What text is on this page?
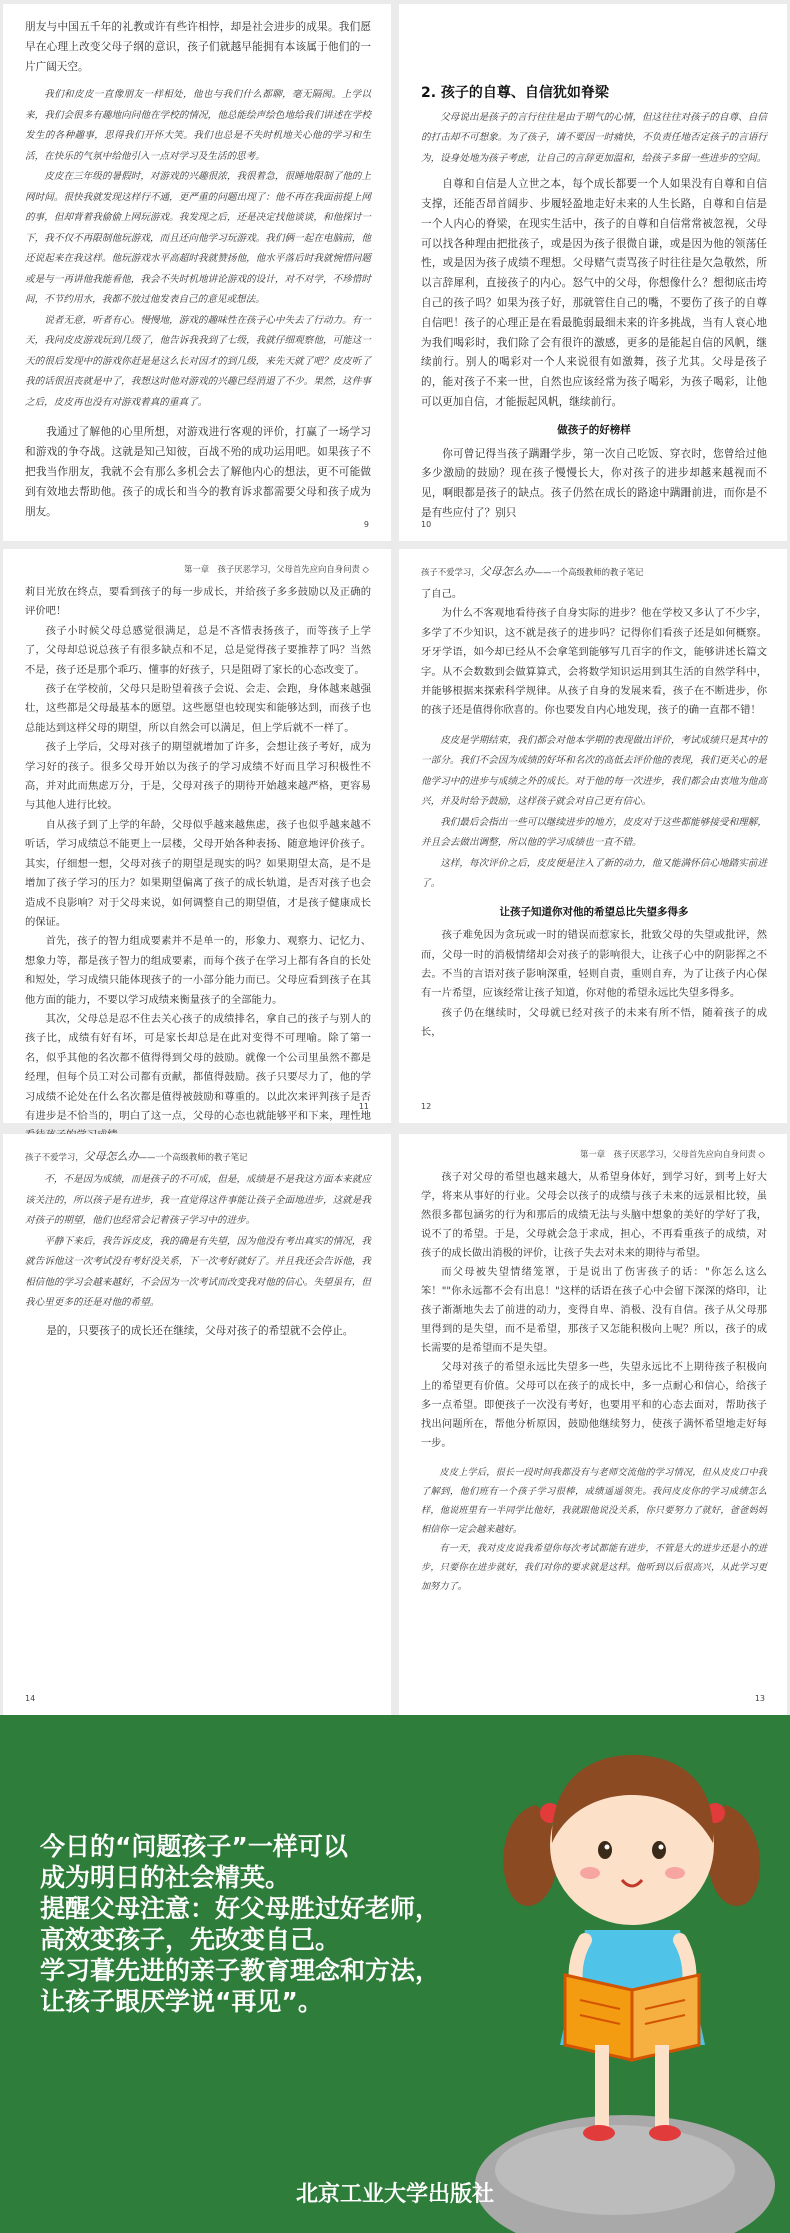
朋友与中国五千年的礼教或许有些许相悖，却是社会进步的成果。我们愿早在心理上改变父母子纲的意识，孩子们就越早能拥有本该属于他们的一片广阔天空。

我们和皮皮一直像朋友一样相处，他也与我们什么都聊，毫无隔阂。上学以来，我们会很多有趣地向问他在学校的情况，他总能绘声绘色地给我们讲述在学校发生的各种趣事，思得我们开怀大笑。我们也总是不失时机地关心他的学习和生活，在快乐的气氛中给他引入一点对学习及生活的思考。

皮皮在三年级的暑假时，对游戏的兴趣很浓，我很着急，很睡地限制了他的上网时间。很快我就发现这样行不通，更严重的问题出现了：他不再在我面前提上网的事，但却背着我偷偷上网玩游戏。我发现之后，还是决定找他谈谈，和他探讨一下，我不仅不再限制他玩游戏，而且还向他学习玩游戏。我们俩一起在电脑前，他还说起来在我这样。他玩游戏水平高超时我就赞扬他，他水平落后时我就惋惜问题或是与一再讲他我能看他，我会不失时机地讲论游戏的设计，对不对学，不珍惜时间，不节约用水，我都不放过他发表自己的意见或想法。

说者无意，听者有心。慢慢地，游戏的趣味性在孩子心中失去了行动力。有一天，我问皮皮游戏玩到几级了，他告诉我我到了七级，我就仔细观察他，可能这一天的很后发现中的游戏你赶是是这么长对因才的到几级，来先天就了吧？皮皮听了我的话很沮丧就是中了，我想这时他对游戏的兴趣已经消退了不少。果然，这件事之后，皮皮再也没有对游戏着真的重真了。

我通过了解他的心里所想，对游戏进行客观的评价，打赢了一场学习和游戏的争夺战。这就是知己知彼，百战不殆的成功运用吧。如果孩子不把我当作朋友，我就不会有那么多机会去了解他内心的想法，更不可能做到有效地去帮助他。孩子的成长和当今的教育诉求都需要父母和孩子成为朋友。

9
2. 孩子的自尊、自信犹如脊梁

父母说出是孩子的言行往往是由于期气的心情，但这往往对孩子的自尊、自信的打击却不可想象。为了孩子，请不要因一时痛快，不负责任地否定孩子的言语行为，设身处地为孩子考虑，让自己的言辞更加温和，给孩子多留一些进步的空间。

自尊和自信是人立世之本，每个成长都要一个人如果没有自尊和自信支撑，还能否昂首阔步、步履轻盈地走好未来的人生长路，自尊和自信是一个人内心的脊梁，在现实生活中，孩子的自尊和自信常常被忽视，父母可以找各种理由把批孩子，或是因为孩子很微自谦，或是因为他的领荡任性，或是因为孩子成绩不理想。父母赌气责骂孩子时往往是欠急敬然，所以言辞犀利，直接孩子的内心。怒气中的父母，你想像什么？想彻底击垮自己的孩子吗？如果为孩子好，那就管住自己的嘴，不要伤了孩子的自尊自信吧！孩子的心理正是在看最脆弱最细未来的许多挑战，当有人衰心地为我们喝彩时，我们除了会有很许的激感，更多的是能起自信的风帆，继续前行。别人的喝彩对一个人来说很有如激舞，孩子尤其。父母是孩子的，能对孩子不来一世，自然也应该经常为孩子喝彩，为孩子喝彩，让他可以更加自信，才能振起风帆，继续前行。

做孩子的好榜样

你可曾记得当孩子蹒跚学步，第一次自己吃饭、穿衣时，您曾给过他多少激励的鼓励？现在孩子慢慢长大，你对孩子的进步却越来越视而不见，啊眼都是孩子的缺点。孩子仍然在成长的路途中蹒跚前进，而你是不是有些应付了？别只

10
第一章　孩子厌恶学习，父母首先应向自身问责 ◇

莉目光放在终点，要看到孩子的每一步成长，并给孩子多多鼓励以及正确的评价吧！

孩子小时候父母总感觉很满足，总是不吝惜表扬孩子，而等孩子上学了，父母却总说总孩子有很多缺点和不足，总是觉得孩子要推荐了吗？当然不是，孩子还是那个乖巧、懂事的好孩子，只是阻碍了家长的心态改变了。

孩子在学校前，父母只是盼望着孩子会说、会走、会跑，身体越来越强壮，这些都是父母最基本的愿望。这些愿望也较现实和能够达到，而孩子也总能达到这样父母的期望，所以自然会可以满足，但上学后就不一样了。

孩子上学后，父母对孩子的期望就增加了许多，会想让孩子考好，成为学习好的孩子。很多父母开始以为孩子的学习成绩不好而且学习积极性不高，并对此而焦虑万分，于是，父母对孩子的期待开始越来越严格，更容易与其他人进行比较。

自从孩子到了上学的年龄，父母似乎越来越焦虑，孩子也似乎越来越不听话，学习成绩总不能更上一层楼，父母开始各种表扬、随意地评价孩子。其实，仔细想一想，父母对孩子的期望是现实的吗？如果期望太高，是不是增加了孩子学习的压力？如果期望偏离了孩子的成长轨道，是否对孩子也会造成不良影响？对于父母来说，如何调整自己的期望值，才是孩子健康成长的保证。

首先，孩子的智力组成要素并不是单一的，形象力、观察力、记忆力、想象力等，都是孩子智力的组成要素，而每个孩子在学习上都有各自的长处和短处，学习成绩只能体现孩子的一小部分能力而已。父母应看到孩子在其他方面的能力，不要以学习成绩来衡量孩子的全部能力。

其次，父母总是忍不住去关心孩子的成绩排名，拿自己的孩子与别人的孩子比，成绩有好有坏，可是家长却总是在此对变得不可理喻。除了第一名，似乎其他的名次都不值得得到父母的鼓励。就像一个公司里虽然不都是经理，但每个员工对公司都有贡献，都值得鼓励。孩子只要尽力了，他的学习成绩不论处在什么名次都是值得被鼓励和尊重的。以此次来评判孩子是否有进步是不恰当的，明白了这一点，父母的心态也就能够平和下来，理性地

11
孩子不爱学习，父母怎么办——一个高级教师的教子笔记

了自己。

为什么不客观地看待孩子自身实际的进步？他在学校又多认了不少字，多学了不少知识，这不就是孩子的进步吗？记得你们看孩子还是如何概察。牙牙学语，如今却已经从不会拿笔到能够写几百字的作文，能够讲述长篇文字。从不会数数到会做算算式，会将数学知识运用到其生活的自然学科中，并能够根据来探索科学规律。从孩子自身的发展来看，孩子在不断进步，你的孩子还是值得你欣喜的。你也要发自内心地发现，孩子的确一直都不错！

皮皮是学期结束，我们都会对他本学期的表现做出评价，考试成绩只是其中的一部分。我们不会因为成绩的好坏和名次的高低去评价他的表现，我们更关心的是他学习中的进步与成绩之外的成长。对于他的每一次进步，我们都会由衷地为他高兴，并及时给予鼓励，这样孩子就会对自己更有信心。

我们最后会指出一些可以继续进步的地方，皮皮对于这些都能够接受和理解，并且会去做出调整，所以他的学习成绩也一直不错。

这样，每次评价之后，皮皮便是注入了新的动力，他又能满怀信心地踏实前进了。

让孩子知道你对他的希望总比失望多得多

孩子难免因为贪玩或一时的错误而惹家长，批致父母的失望或批评，然而，父母一时的消极情绪却会对孩子的影响很大，让孩子心中的阴影挥之不去。不当的言语对孩子影响深重，轻则自责，重则自弃，为了让孩子内心保有一片希望，应该经常让孩子知道，你对他的希望永远比失望多得多。

孩子仍在继续时，父母就已经对孩子的未来有所不悟，随着孩子的成长，

12
孩子不爱学习，父母怎么办——一个高级教师的教子笔记

不，不是因为成绩，而是孩子的不可成，但是，成绩是不是我这方面本来就应该关注的，所以孩子是有进步，我一直觉得这件事能让孩子全面地进步，这就是我对孩子的期望，他们也经常会记着孩子学习中的进步。

平静下来后，我告诉皮皮，我的确是有失望，因为他没有考出真实的情况，我就告诉他这一次考试没有考好没关系，下一次考好就好了。并且我还会告诉他，我相信他的学习会越来越好，不会因为一次考试而改变我对他的信心。失望虽有，但我心里更多的还是对他的希望。

是的，只要孩子的成长还在继续，父母对孩子的希望就不会停止。

14
第一章　孩子厌恶学习，父母首先应向自身问责 ◇

孩子对父母的希望也越来越大，从希望身体好，到学习好，到考上好大学，将来从事好的行业。父母会以孩子的成绩与孩子未来的远景相比较，虽然很多都包涵劣的行为和那后的成绩无法与头脑中想象的美好的学好了我，说不了的希望。于是，父母就会急于求成，担心，不再看重孩子的成绩，对孩子的成长做出消极的评价，让孩子失去对未来的期待与希望。

而父母被失望情绪笼罩，于是说出了伤害孩子的话："你怎么这么笨！""你永远都不会有出息！"这样的话语在孩子心中会留下深深的烙印，让孩子渐渐地失去了前进的动力，变得自卑、消极、没有自信。孩子从父母那里得到的是失望，而不是希望，那孩子又怎能积极向上呢？所以，孩子的成长需要的是希望而不是失望。

父母对孩子的希望永远比失望多一些，失望永远比不上期待孩子积极向上的希望更有价值。父母可以在孩子的成长中，多一点耐心和信心，给孩子多一点希望。即便孩子一次没有考好，也要用平和的心态去面对，帮助孩子找出问题所在，帮他分析原因，鼓励他继续努力，使孩子满怀希望地走好每一步。

皮皮上学后，很长一段时间我都没有与老师交流他的学习情况，但从皮皮口中我了解到，他们班有一个孩子学习很棒，成绩遥遥领先。我问皮皮你的学习成绩怎么样，他说班里有一半同学比他好，我就跟他说没关系，你只要努力了就好，爸爸妈妈相信你一定会越来越好。

有一天，我对皮皮说我希望你每次考试都能有进步，不管是大的进步还是小的进步，只要你在进步就好，我们对你的要求就是这样。他听到以后很高兴，从此学习更加努力了。

13
今日的“问题孩子”一样可以
成为明日的社会精英。
提醒父母注意：好父母胜过好老师，
高效变孩子，先改变自己。
学习暮先进的亲子教育理念和方法，
让孩子跟厌学说“再见”。
北京工业大学出版社
